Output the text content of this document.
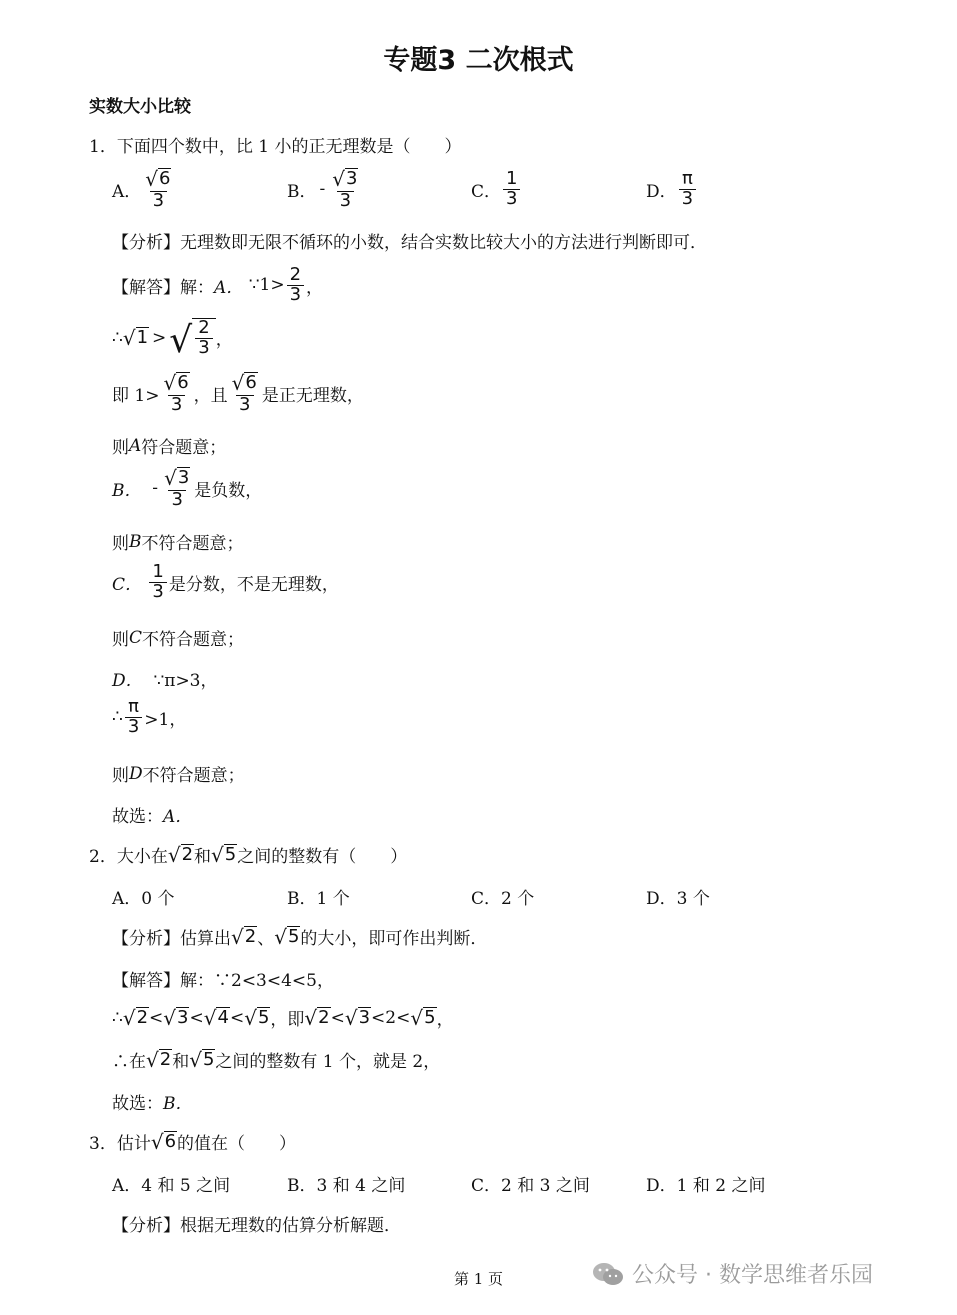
专题3 二次根式
实数大小比较
1．下面四个数中，比 1 小的正无理数是（　　）
A． $\frac{√ 6}{3}$	B． - $\frac{√ 3}{3}$	C． $\frac{1}{3}$	D． $\frac{\pi}{3}$
【分析】无理数即无限不循环的小数，结合实数比较大小的方法进行判断即可．
【解答】解： A．
∵1> $\frac{2}{3}$ ，
∴ √ 1 > √ $\frac{2}{3}$ ，
即 $1> \frac{√ 6}{3}$ ，且 $\frac{√ 6}{3}$ 是正无理数，
则 A 符合题意；
B． - $\frac{√ 3}{3}$ 是负数，
则 B 不符合题意；
C．
$\frac{1}{3}$ 是分数，不是无理数，
则 C 不符合题意；
D．
∵π>3，
∴ $\frac{\pi}{3} >1$，
则 D 不符合题意；
故选： A．
2．大小在 √ 2 和 √ 5 之间的整数有（　　）
A．0 个	B．1 个	C．2 个	D．3 个
【分析】估算出 √ 2 、 √ 5 的大小，即可作出判断．
【解答】解：∵2<3<4<5，
∴ √ 2 < √ 3 < √ 4 < √ 5 ，即 √ 2 < √ 3 <2< √ 5 ，
∴在 √ 2 和 √ 5 之间的整数有 1 个，就是 2，
故选： B．
3．估计 √ 6 的值在（　　）
A．4 和 5 之间	B．3 和 4 之间	C．2 和 3 之间	D．1 和 2 之间
【分析】根据无理数的估算分析解题．
第 1 页	公众号 · 数学思维者乐园
